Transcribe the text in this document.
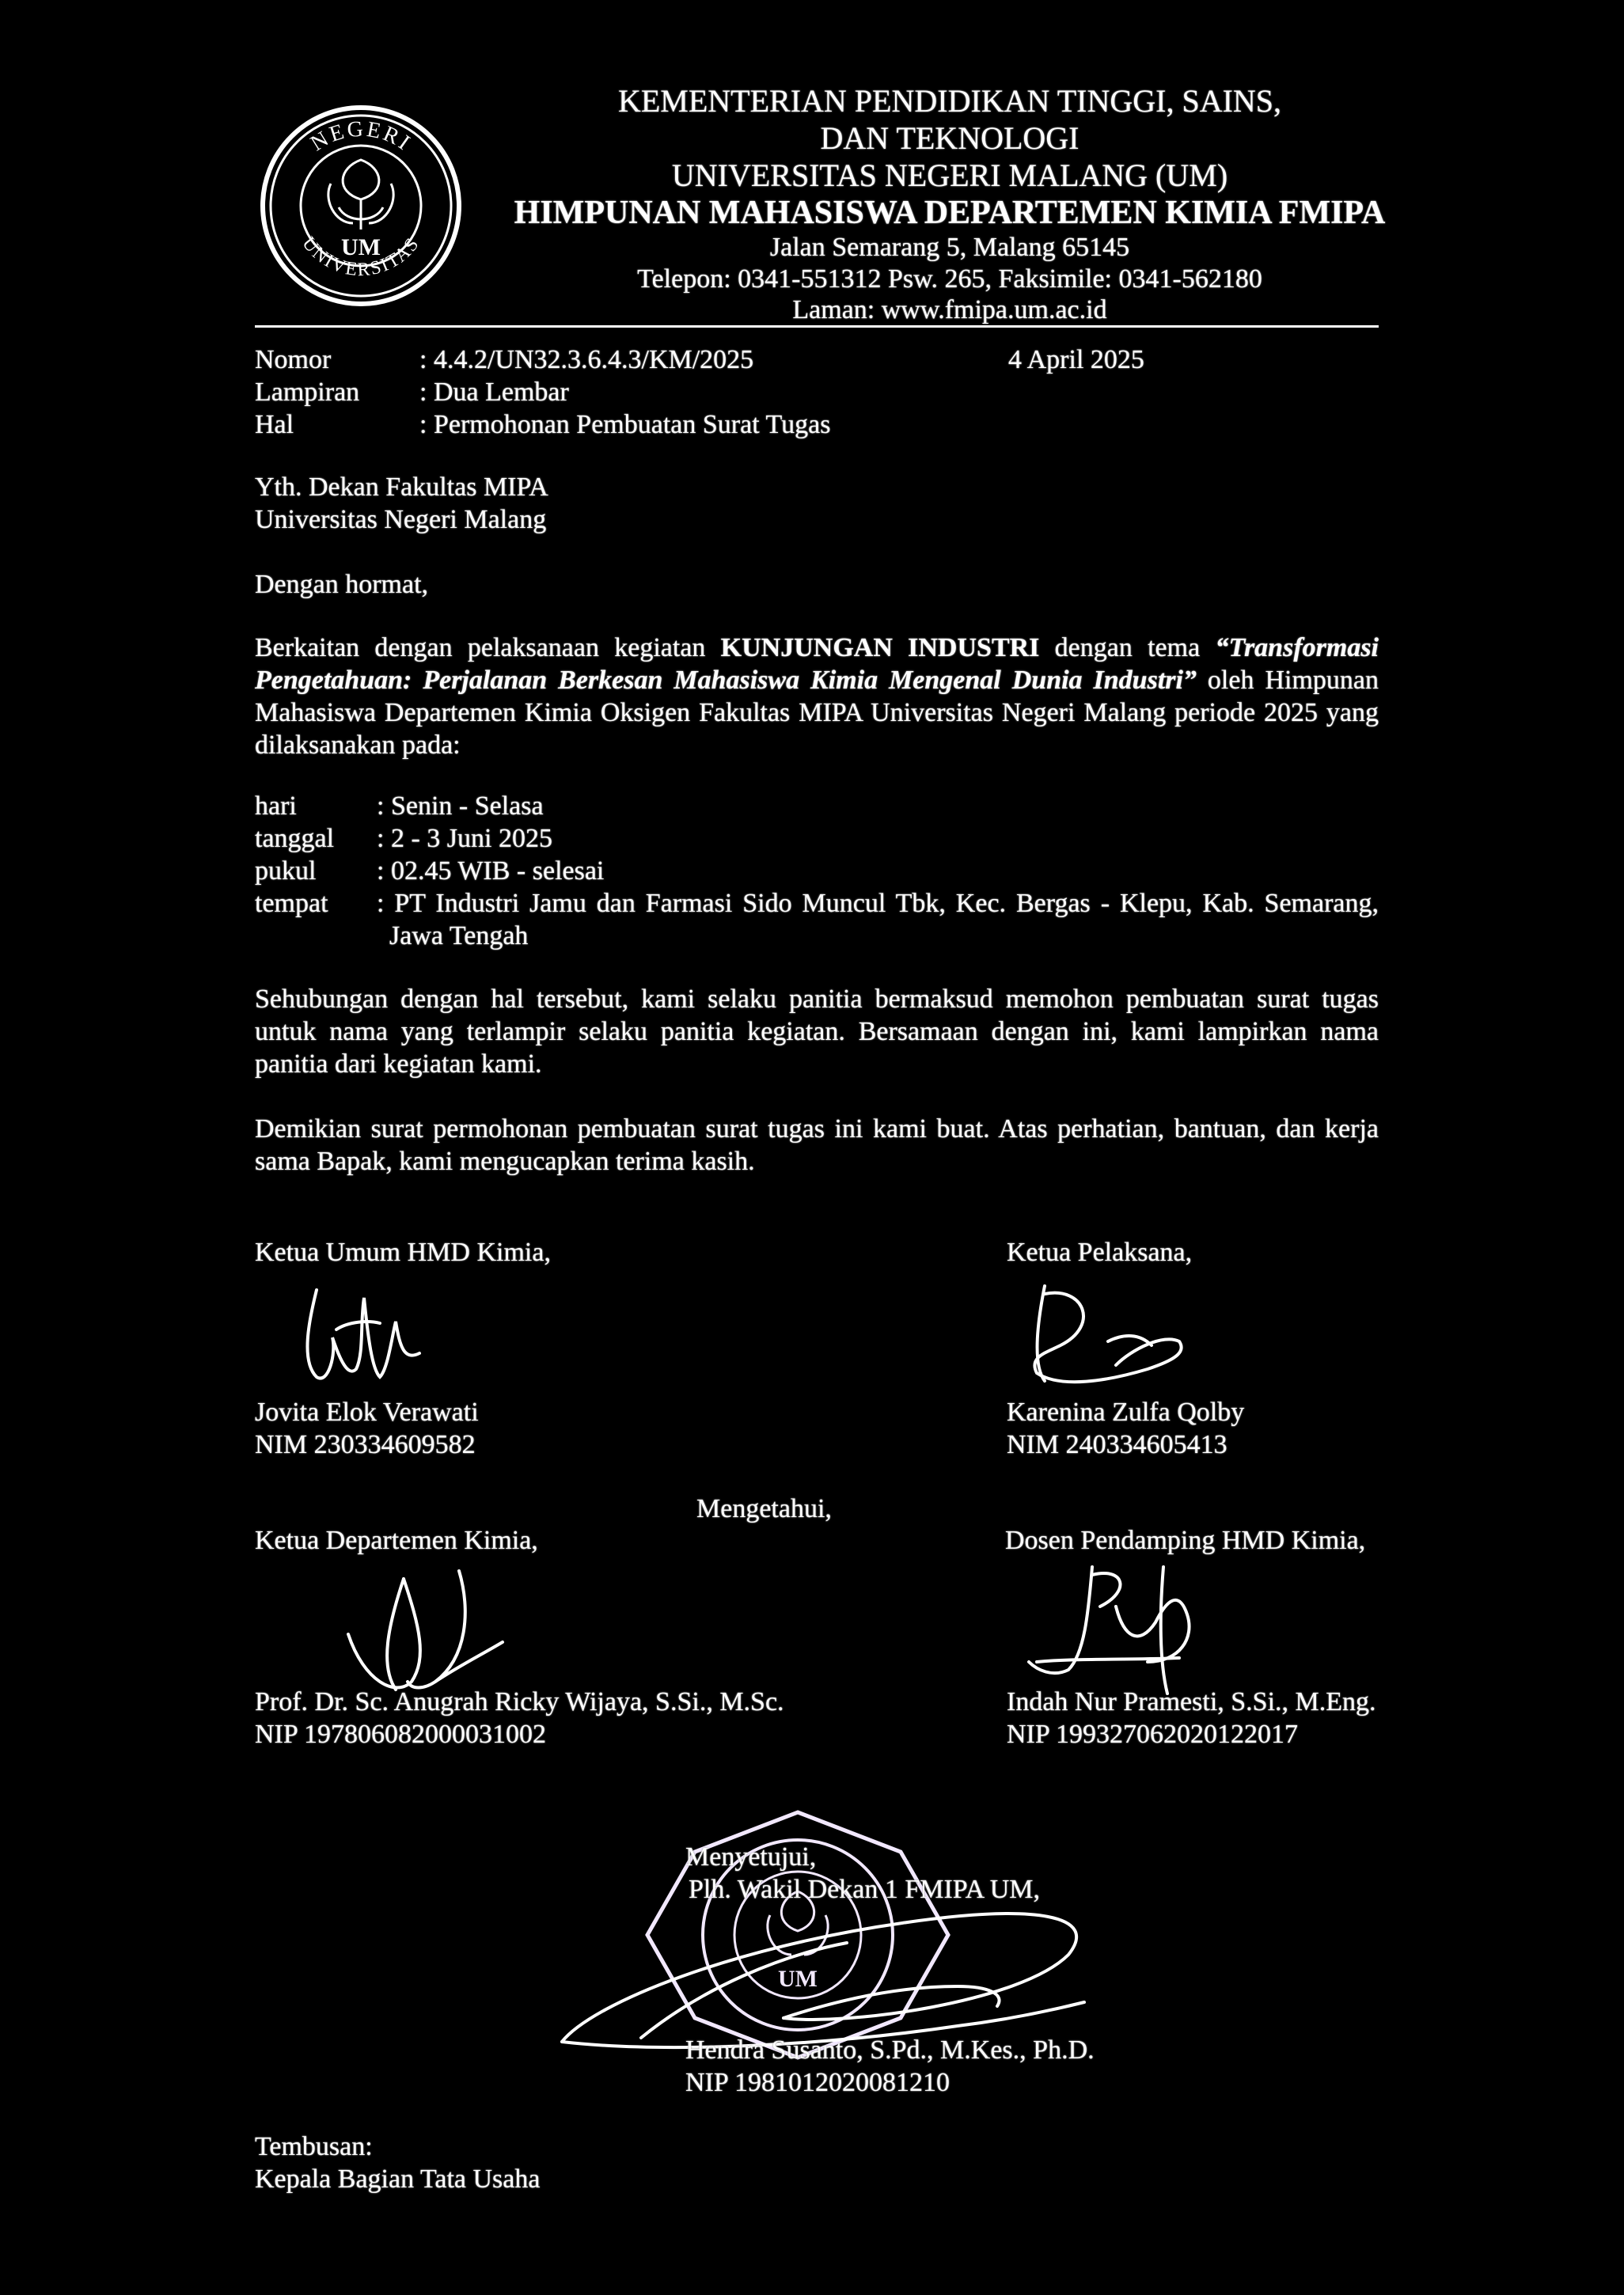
NEGERI
UNIVERSITAS
UM
KEMENTERIAN PENDIDIKAN TINGGI, SAINS,
DAN TEKNOLOGI
UNIVERSITAS NEGERI MALANG (UM)
HIMPUNAN MAHASISWA DEPARTEMEN KIMIA FMIPA
Jalan Semarang 5, Malang 65145
Telepon: 0341-551312 Psw. 265, Faksimile: 0341-562180
Laman: www.fmipa.um.ac.id
Nomor	: 4.4.2/UN32.3.6.4.3/KM/2025	4 April 2025
Lampiran : Dua Lembar
Hal	: Permohonan Pembuatan Surat Tugas
Yth. Dekan Fakultas MIPA
Universitas Negeri Malang
Dengan hormat,
Berkaitan dengan pelaksanaan kegiatan KUNJUNGAN INDUSTRI dengan tema “Transformasi Pengetahuan: Perjalanan Berkesan Mahasiswa Kimia Mengenal Dunia Industri” oleh Himpunan Mahasiswa Departemen Kimia Oksigen Fakultas MIPA Universitas Negeri Malang periode 2025 yang dilaksanakan pada:
hari	: Senin - Selasa
tanggal : 2 - 3 Juni 2025
pukul : 02.45 WIB - selesai
tempat : PT Industri Jamu dan Farmasi Sido Muncul Tbk, Kec. Bergas - Klepu, Kab. Semarang,
Jawa Tengah
Sehubungan dengan hal tersebut, kami selaku panitia bermaksud memohon pembuatan surat tugas untuk nama yang terlampir selaku panitia kegiatan. Bersamaan dengan ini, kami lampirkan nama panitia dari kegiatan kami.
Demikian surat permohonan pembuatan surat tugas ini kami buat. Atas perhatian, bantuan, dan kerja sama Bapak, kami mengucapkan terima kasih.
Ketua Umum HMD Kimia,	Ketua Pelaksana,
Jovita Elok Verawati
NIM 230334609582
Karenina Zulfa Qolby
NIM 240334605413
Mengetahui,
Ketua Departemen Kimia,	Dosen Pendamping HMD Kimia,
Prof. Dr. Sc. Anugrah Ricky Wijaya, S.Si., M.Sc.
NIP 197806082000031002
Indah Nur Pramesti, S.Si., M.Eng.
NIP 199327062020122017
UM
Menyetujui,
Plh. Wakil Dekan 1 FMIPA UM,
Hendra Susanto, S.Pd., M.Kes., Ph.D.
NIP 1981012020081210
Tembusan:
Kepala Bagian Tata Usaha
